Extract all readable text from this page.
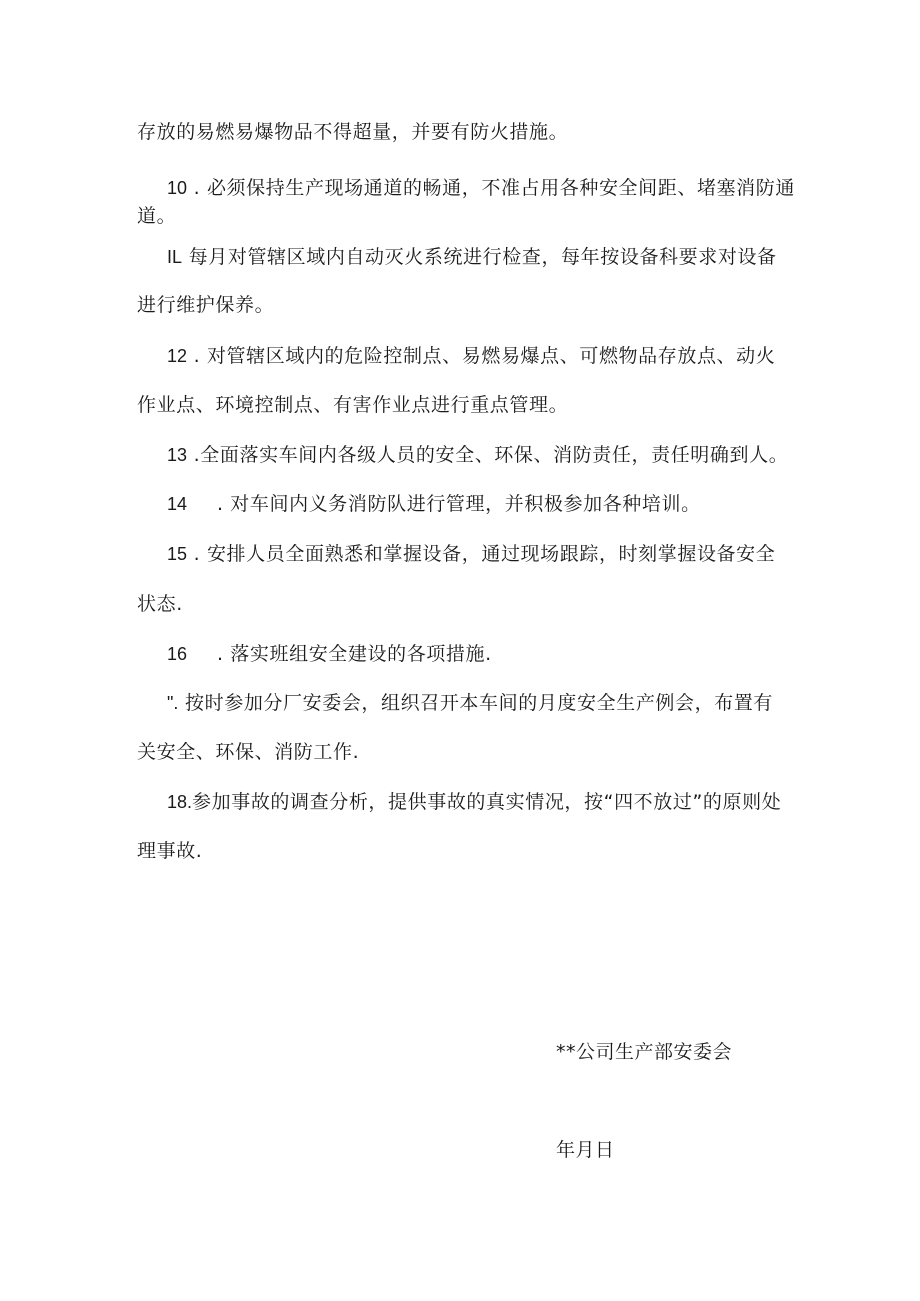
存放的易燃易爆物品不得超量，并要有防火措施。
10 . 必须保持生产现场通道的畅通，不准占用各种安全间距、堵塞消防通
道。
IL 每月对管辖区域内自动灭火系统进行检查，每年按设备科要求对设备
进行维护保养。
12 . 对管辖区域内的危险控制点、易燃易爆点、可燃物品存放点、动火
作业点、环境控制点、有害作业点进行重点管理。
13 .全面落实车间内各级人员的安全、环保、消防责任，责任明确到人。
14 . 对车间内义务消防队进行管理，并积极参加各种培训。
15 . 安排人员全面熟悉和掌握设备，通过现场跟踪，时刻掌握设备安全
状态.
16 . 落实班组安全建设的各项措施.
". 按时参加分厂安委会，组织召开本车间的月度安全生产例会，布置有
关安全、环保、消防工作.
18.参加事故的调查分析，提供事故的真实情况，按“四不放过”的原则处
理事故.
**公司生产部安委会
年月日
